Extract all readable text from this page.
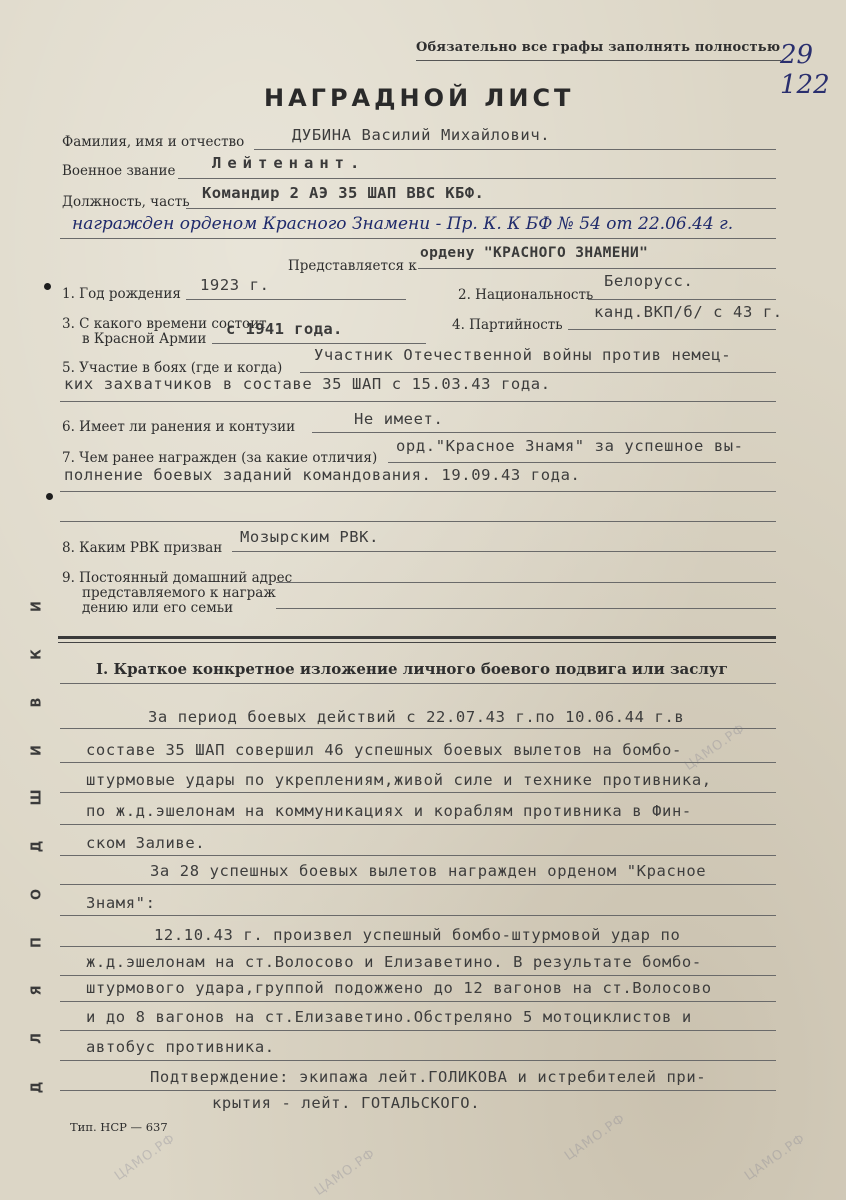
ЦАМО.РФ
ЦАМО.РФ
ЦАМО.РФ	ЦАМО.РФ
ЦАМО.РФ
Обязательно все графы заполнять полностью 29
122
НАГРАДНОЙ ЛИСТ
Фамилия, имя и отчество	ДУБИНА Василий Михайлович.
Военное звание Лейтенант.
Должность, часть Командир 2 АЭ 35 ШАП ВВС КБФ.
награжден орденом Красного Знамени - Пр. К. К БФ № 54 от 22.06.44 г.
Представляется к
ордену "КРАСНОГО ЗНАМЕНИ"
1. Год рождения 1923 г.
2. Национальность
Белорусс.
3. С какого времени состоит
в Красной Армии
с 1941 года.	4. Партийность
канд.ВКП/б/ с 43 г.
5. Участие в боях (где и когда)
Участник Отечественной войны против немец-
ких захватчиков в составе 35 ШАП с 15.03.43 года.
6. Имеет ли ранения и контузии	Не имеет.
7. Чем ранее награжден (за какие отличия)
орд."Красное Знамя" за успешное вы-
полнение боевых заданий командования. 19.09.43 года.
8. Каким РВК призван
Мозырским РВК.
9. Постоянный домашний адрес
представляемого к награж
дению или его семьи
I. Краткое конкретное изложение личного боевого подвига или заслуг
За период боевых действий с 22.07.43 г.по 10.06.44 г.в
составе 35 ШАП совершил 46 успешных боевых вылетов на бомбо-
штурмовые удары по укреплениям,живой силе и технике противника,
по ж.д.эшелонам на коммуникациях и кораблям противника в Фин-
ском Заливе.
За 28 успешных боевых вылетов награжден орденом "Красное
Знамя":
12.10.43 г. произвел успешный бомбо-штурмовой удар по
ж.д.эшелонам на ст.Волосово и Елизаветино. В результате бомбо-
штурмового удара,группой подожжено до 12 вагонов на ст.Волосово
и до 8 вагонов на ст.Елизаветино.Обстреляно 5 мотоциклистов и
автобус противника.
Подтверждение: экипажа лейт.ГОЛИКОВА и истребителей при-
крытия - лейт. ГОТАЛЬСКОГО.
Тип. НСР — 637
Д
Л
Я
П
О
Д
Ш
И
В
К
И
